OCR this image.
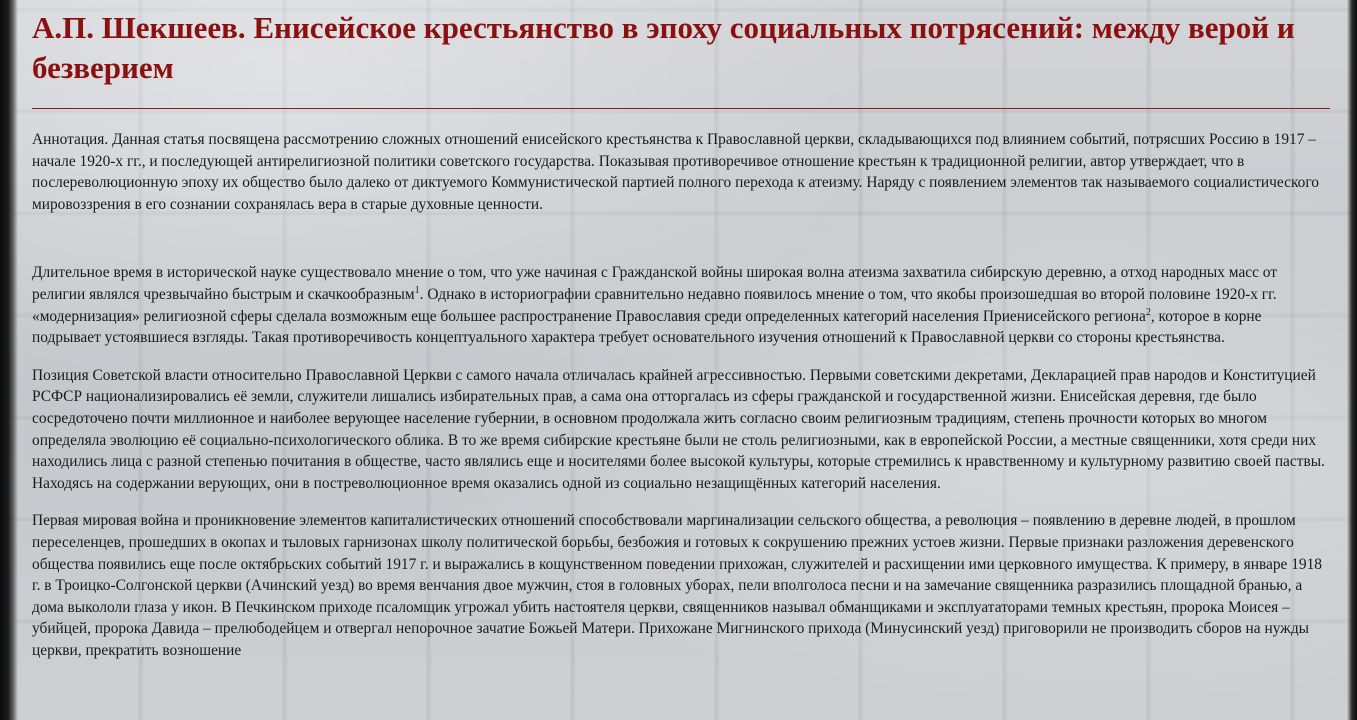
А.П. Шекшеев. Енисейское крестьянство в эпоху социальных потрясений: между верой и безверием

Аннотация. Данная статья посвящена рассмотрению сложных отношений енисейского крестьянства к Православной церкви, складывающихся под влиянием событий, потрясших Россию в 1917 – начале 1920-х гг., и последующей антирелигиозной политики советского государства. Показывая противоречивое отношение крестьян к традиционной религии, автор утверждает, что в послереволюционную эпоху их общество было далеко от диктуемого Коммунистической партией полного перехода к атеизму. Наряду с появлением элементов так называемого социалистического мировоззрения в его сознании сохранялась вера в старые духовные ценности.

Длительное время в исторической науке существовало мнение о том, что уже начиная с Гражданской войны широкая волна атеизма захватила сибирскую деревню, а отход народных масс от религии являлся чрезвычайно быстрым и скачкообразным$^1$. Однако в историографии сравнительно недавно появилось мнение о том, что якобы произошедшая во второй половине 1920-х гг. «модернизация» религиозной сферы сделала возможным еще большее распространение Православия среди определенных категорий населения Приенисейского региона$^2$, которое в корне подрывает устоявшиеся взгляды. Такая противоречивость концептуального характера требует основательного изучения отношений к Православной церкви со стороны крестьянства.

Позиция Советской власти относительно Православной Церкви с самого начала отличалась крайней агрессивностью. Первыми советскими декретами, Декларацией прав народов и Конституцией РСФСР национализировались её земли, служители лишались избирательных прав, а сама она отторгалась из сферы гражданской и государственной жизни. Енисейская деревня, где было сосредоточено почти миллионное и наиболее верующее население губернии, в основном продолжала жить согласно своим религиозным традициям, степень прочности которых во многом определяла эволюцию её социально-психологического облика. В то же время сибирские крестьяне были не столь религиозными, как в европейской России, а местные священники, хотя среди них находились лица с разной степенью почитания в обществе, часто являлись еще и носителями более высокой культуры, которые стремились к нравственному и культурному развитию своей паствы. Находясь на содержании верующих, они в постреволюционное время оказались одной из социально незащищённых категорий населения.

Первая мировая война и проникновение элементов капиталистических отношений способствовали маргинализации сельского общества, а революция – появлению в деревне людей, в прошлом переселенцев, прошедших в окопах и тыловых гарнизонах школу политической борьбы, безбожия и готовых к сокрушению прежних устоев жизни. Первые признаки разложения деревенского общества появились еще после октябрьских событий 1917 г. и выражались в кощунственном поведении прихожан, служителей и расхищении ими церковного имущества. К примеру, в январе 1918 г. в Троицко-Солгонской церкви (Ачинский уезд) во время венчания двое мужчин, стоя в головных уборах, пели вполголоса песни и на замечание священника разразились площадной бранью, а дома выкололи глаза у икон. В Печкинском приходе псаломщик угрожал убить настоятеля церкви, священников называл обманщиками и эксплуататорами темных крестьян, пророка Моисея – убийцей, пророка Давида – прелюбодейцем и отвергал непорочное зачатие Божьей Матери. Прихожане Мигнинского прихода (Минусинский уезд) приговорили не производить сборов на нужды церкви, прекратить возношение
